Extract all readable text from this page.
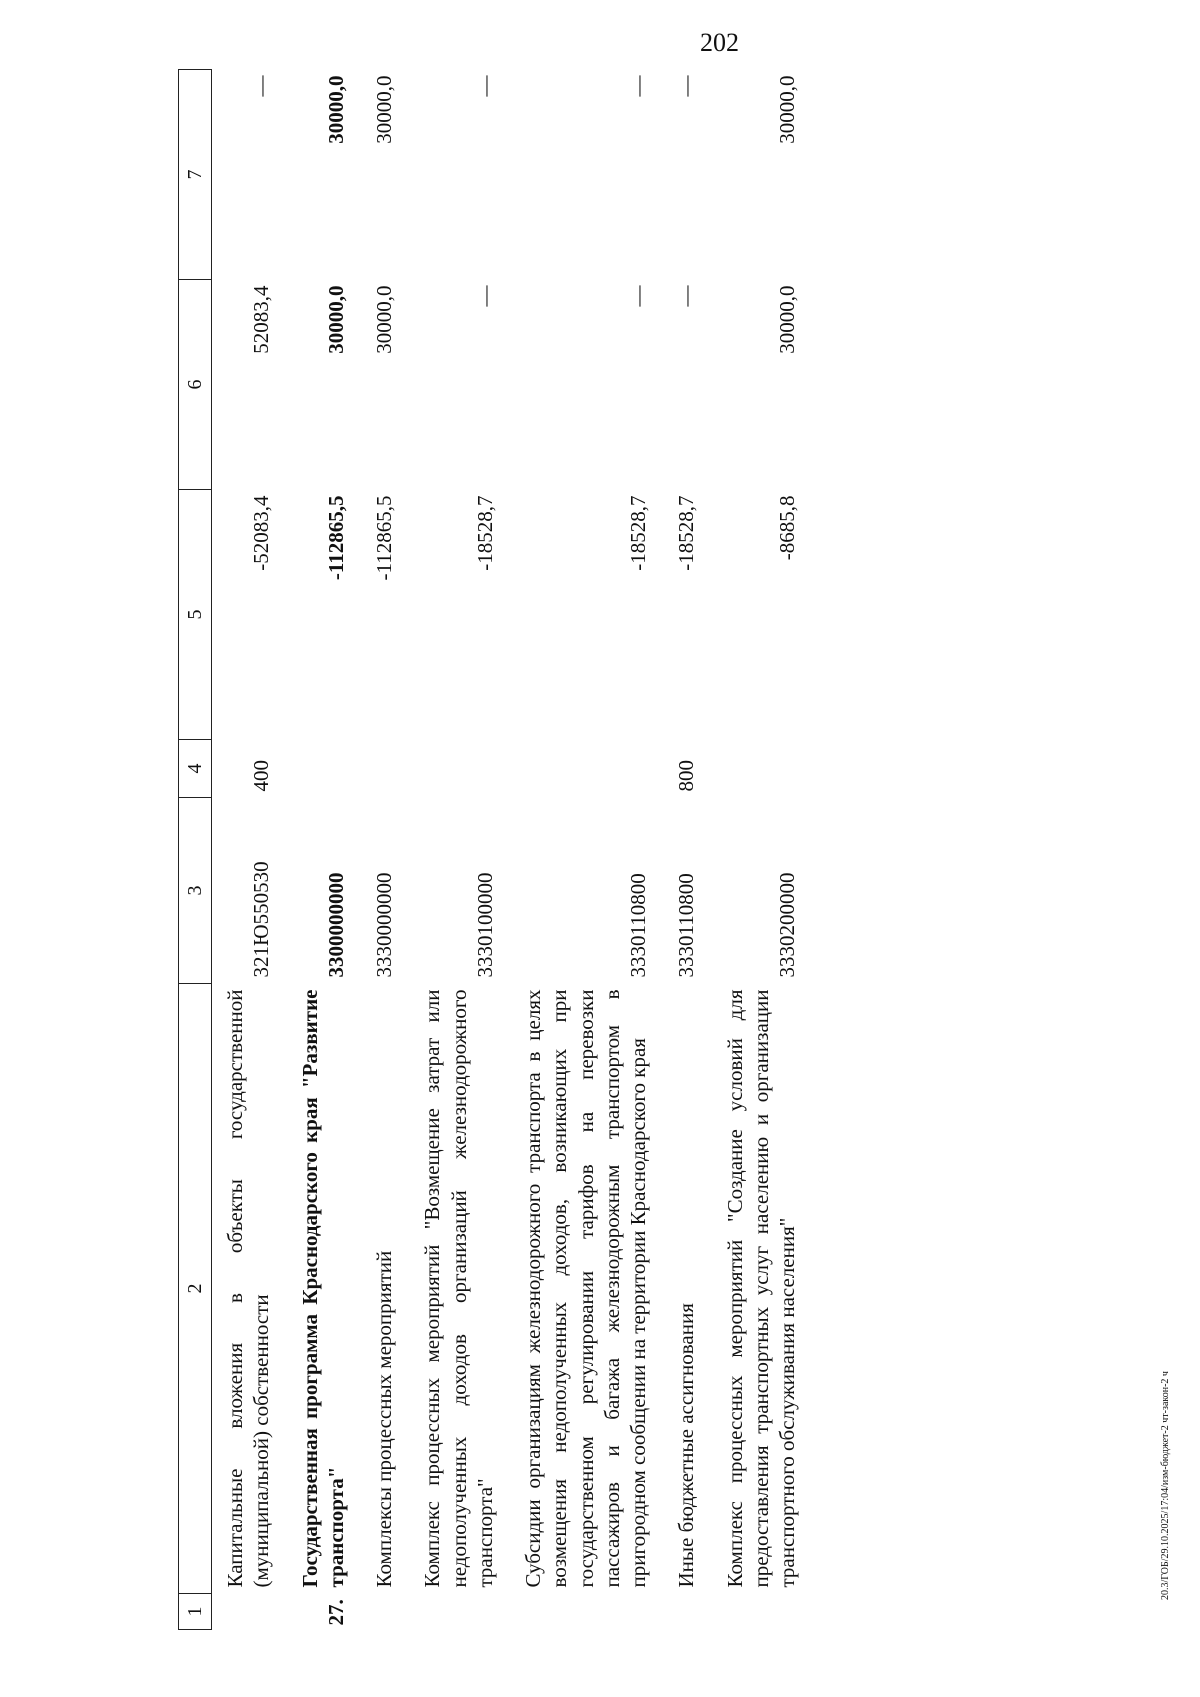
202
1	2	3	4	5	6	7
	Капитальные вложения в объекты государственной (муниципальной) собственности	321Ю550530	400	-52083,4	52083,4	—
27.	Государственная программа Краснодарского края "Развитие транспорта"	3300000000		-112865,5	30000,0	30000,0
	Комплексы процессных мероприятий	3330000000		-112865,5	30000,0	30000,0
	Комплекс процессных мероприятий "Возмещение затрат или недополученных доходов организаций железнодорожного транспорта"	3330100000		-18528,7	—	—
	Субсидии организациям железнодорожного транспорта в целях возмещения недополученных доходов, возникающих при государственном регулировании тарифов на перевозки пассажиров и багажа железнодорожным транспортом в пригородном сообщении на территории Краснодарского края	3330110800		-18528,7	—	—
	Иные бюджетные ассигнования	3330110800	800	-18528,7	—	—
	Комплекс процессных мероприятий "Создание условий для предоставления транспортных услуг населению и организации транспортного обслуживания населения"	3330200000		-8685,8	30000,0	30000,0
20.3/ГОБ/29.10.2025/17:04/изм-бюджет-2 чт-закон-2 ч
